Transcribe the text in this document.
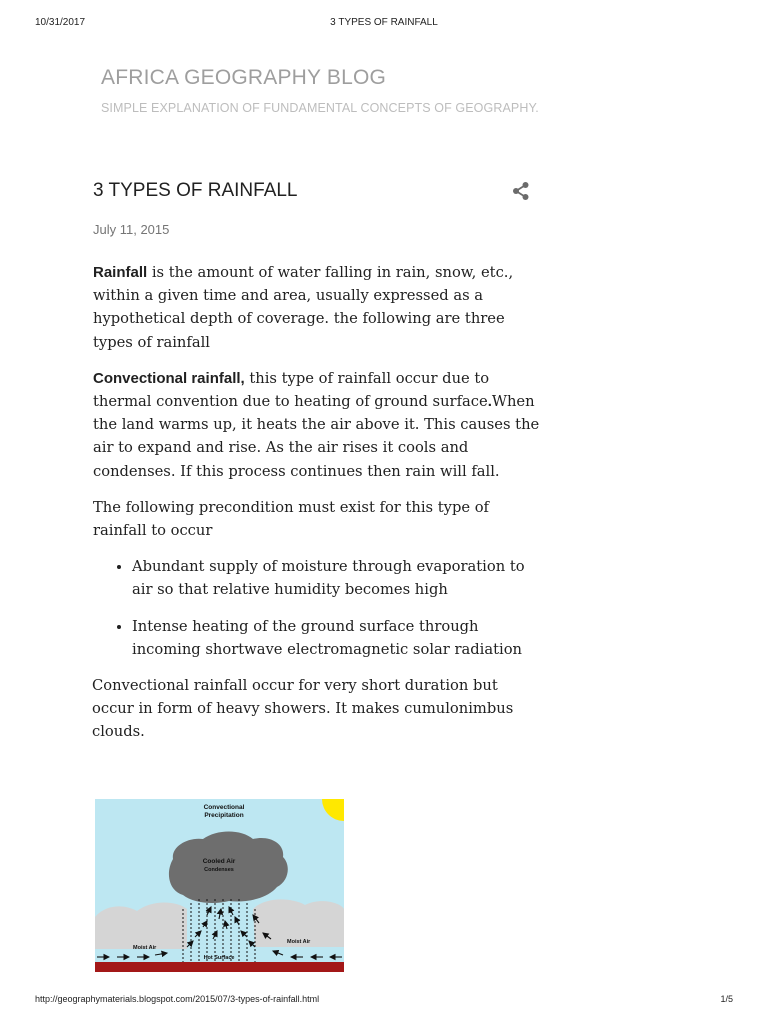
10/31/2017	3 TYPES OF RAINFALL
AFRICA GEOGRAPHY BLOG
SIMPLE EXPLANATION OF FUNDAMENTAL CONCEPTS OF GEOGRAPHY.
3 TYPES OF RAINFALL
July 11, 2015

Rainfall is the amount of water falling in rain, snow, etc., within a given time and area, usually expressed as a hypothetical depth of coverage. the following are three types of rainfall

Convectional rainfall, this type of rainfall occur due to thermal convention due to heating of ground surface.When the land warms up, it heats the air above it. This causes the air to expand and rise. As the air rises it cools and condenses. If this process continues then rain will fall.

The following precondition must exist for this type of rainfall to occur

• Abundant supply of moisture through evaporation to air so that relative humidity becomes high
• Intense heating of the ground surface through incoming shortwave electromagnetic solar radiation

Convectional rainfall occur for very short duration but occur in form of heavy showers. It makes cumulonimbus clouds.

Convectional
Precipitation
Cooled Air
Condenses
Moist Air
Moist Air
Hot Surface
http://geographymaterials.blogspot.com/2015/07/3-types-of-rainfall.html	1/5
